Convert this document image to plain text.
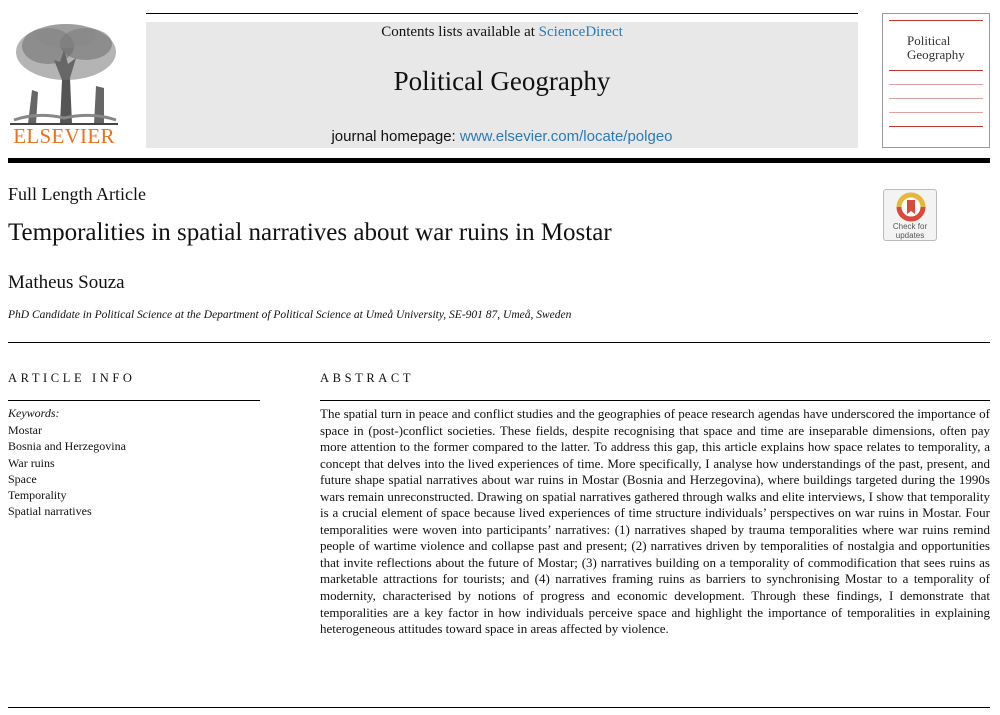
ELSEVIER
Contents lists available at ScienceDirect
Political Geography
journal homepage: www.elsevier.com/locate/polgeo
Political
Geography
Full Length Article
Temporalities in spatial narratives about war ruins in Mostar
Matheus Souza
PhD Candidate in Political Science at the Department of Political Science at Umeå University, SE-901 87, Umeå, Sweden
Check for
updates
ARTICLE INFO
Keywords:
Mostar
Bosnia and Herzegovina
War ruins
Space
Temporality
Spatial narratives
ABSTRACT

The spatial turn in peace and conflict studies and the geographies of peace research agendas have underscored the importance of space in (post-)conflict societies. These fields, despite recognising that space and time are inseparable dimensions, often pay more attention to the former compared to the latter. To address this gap, this article explains how space relates to temporality, a concept that delves into the lived experiences of time. More specifically, I analyse how understandings of the past, present, and future shape spatial narratives about war ruins in Mostar (Bosnia and Herzegovina), where buildings targeted during the 1990s wars remain unreconstructed. Drawing on spatial narratives gathered through walks and elite interviews, I show that temporality is a crucial element of space because lived experiences of time structure individuals’ perspectives on war ruins in Mostar. Four temporalities were woven into participants’ narratives: (1) narratives shaped by trauma temporalities where war ruins remind people of wartime violence and collapse past and present; (2) narratives driven by temporalities of nostalgia and opportunities that invite reflections about the future of Mostar; (3) narratives building on a temporality of commodification that sees ruins as marketable attractions for tourists; and (4) narratives framing ruins as barriers to synchronising Mostar to a temporality of modernity, characterised by notions of progress and economic development. Through these findings, I demonstrate that temporalities are a key factor in how individuals perceive space and highlight the importance of temporalities in explaining heterogeneous attitudes toward space in areas affected by violence.
